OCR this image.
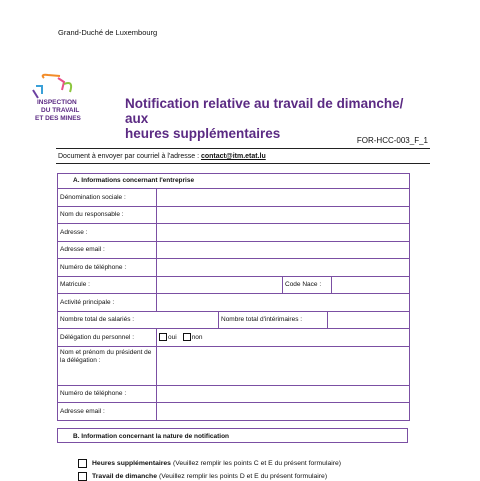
Grand-Duché de Luxembourg
INSPECTION
DU TRAVAIL
ET DES MINES
Notification relative au travail de dimanche/ aux
heures supplémentaires	FOR-HCC-003_F_1
Document à envoyer par courriel à l'adresse : contact@itm.etat.lu
A. Informations concernant l'entreprise
Dénomination sociale :
Nom du responsable :
Adresse :
Adresse email :
Numéro de téléphone :
Matricule :	Code Nace :
Activité principale :
Nombre total de salariés :	Nombre total d'intérimaires :
Délégation du personnel :	oui non
Nom et prénom du président de la délégation :
Numéro de téléphone :
Adresse email :
B. Information concernant la nature de notification
Heures supplémentaires (Veuillez remplir les points C et E du présent formulaire)
Travail de dimanche (Veuillez remplir les points D et E du présent formulaire)
